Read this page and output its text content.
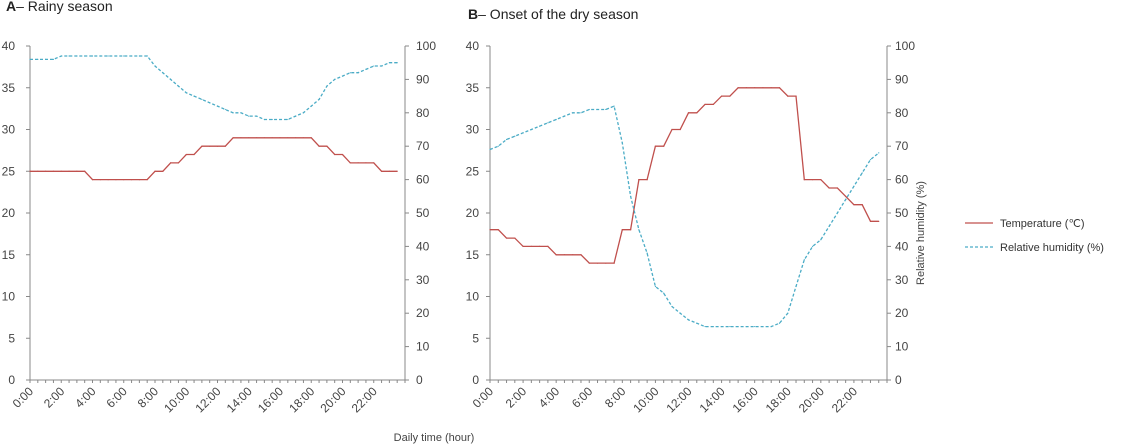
A– Rainy season
0
5
10
15
20
25
30
35
40
0
10
20
30
40
50
60
70
80
90
100
0:00 2:00 4:00 6:00 8:00 10:00 12:00 14:00 16:00 18:00 20:00 22:00
B– Onset of the dry season
0
5
10
15
20
25
30
35
40
0
10
20
30
40
50
60
70
80
90
100
0:00 2:00 4:00 6:00 8:00 10:00 12:00 14:00 16:00 18:00 20:00 22:00
Relative humidity (%)
Daily time (hour)
Temperature (℃)
Relative humidity (%)
